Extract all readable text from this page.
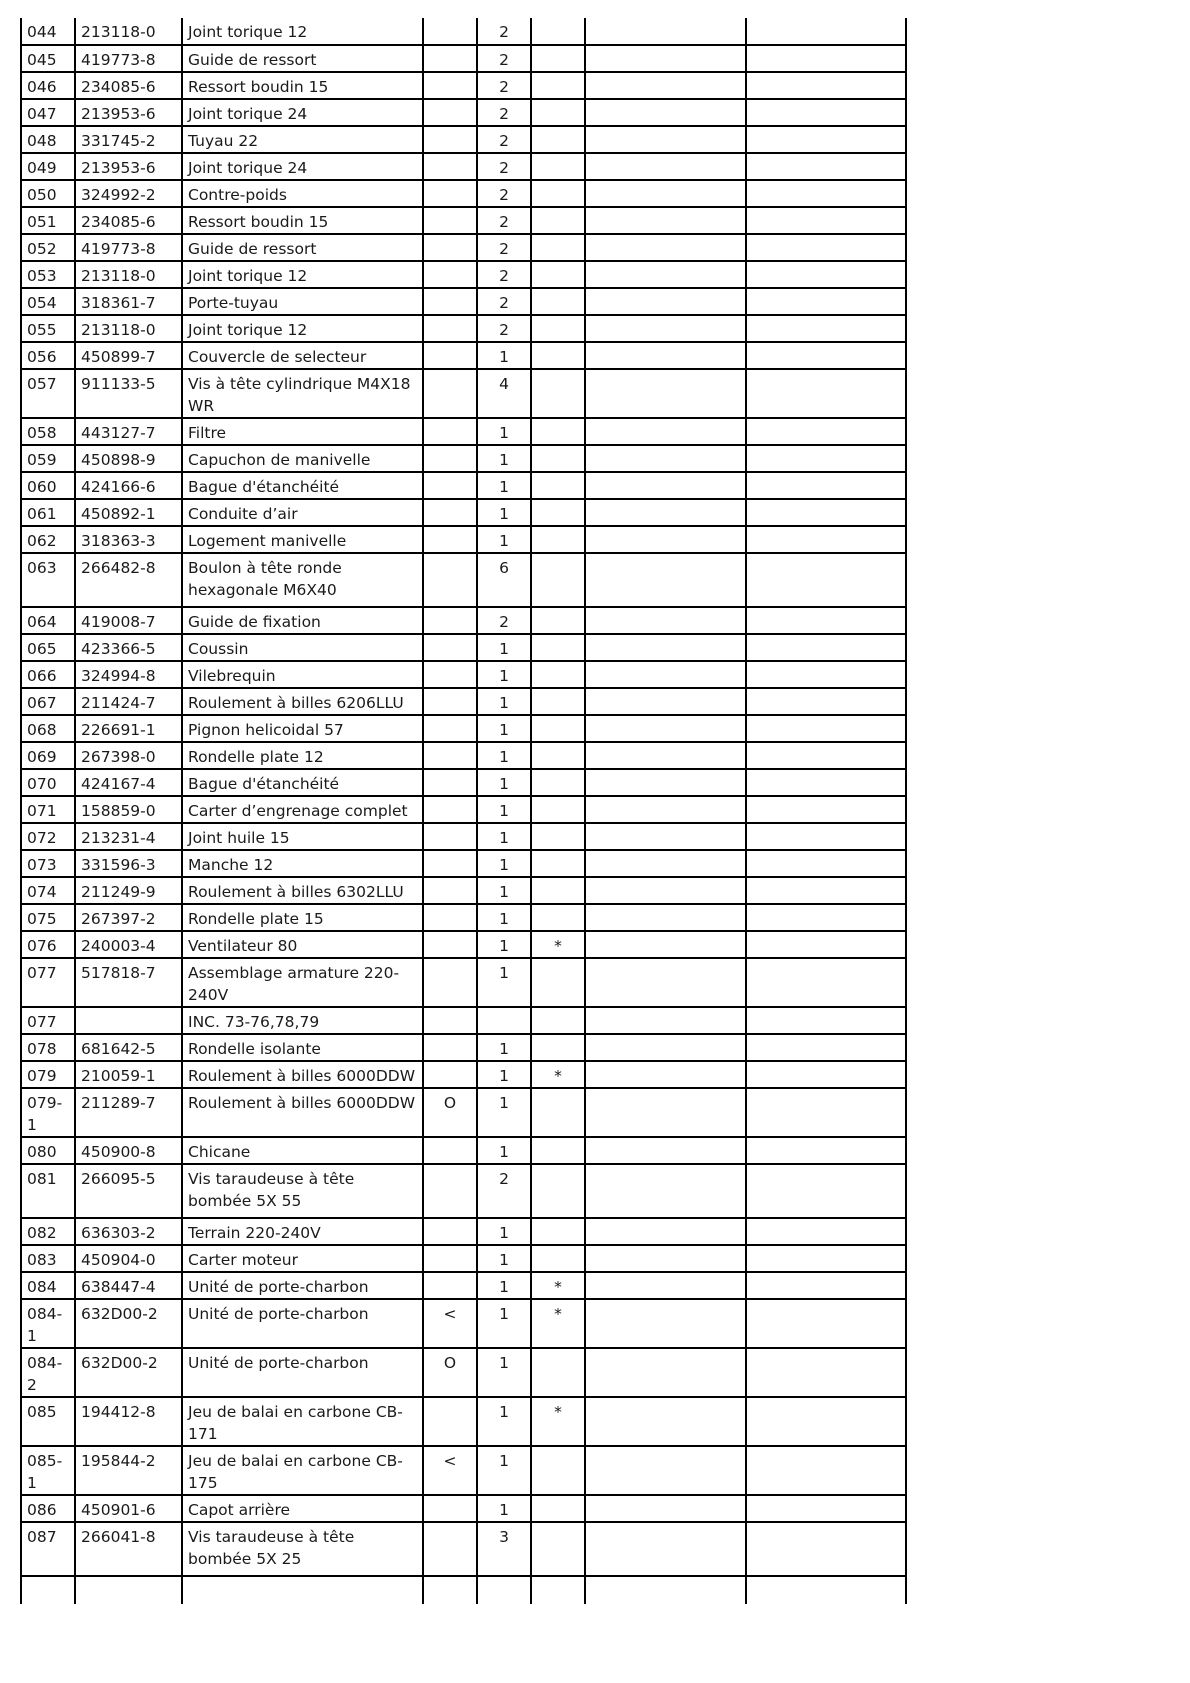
044	213118-0	Joint torique 12		2			
045	419773-8	Guide de ressort		2			
046	234085-6	Ressort boudin 15		2			
047	213953-6	Joint torique 24		2			
048	331745-2	Tuyau 22		2			
049	213953-6	Joint torique 24		2			
050	324992-2	Contre-poids		2			
051	234085-6	Ressort boudin 15		2			
052	419773-8	Guide de ressort		2			
053	213118-0	Joint torique 12		2			
054	318361-7	Porte-tuyau		2			
055	213118-0	Joint torique 12		2			
056	450899-7	Couvercle de selecteur		1			
057	911133-5	Vis à tête cylindrique M4X18 WR		4			
058	443127-7	Filtre		1			
059	450898-9	Capuchon de manivelle		1			
060	424166-6	Bague d'étanchéité		1			
061	450892-1	Conduite d’air		1			
062	318363-3	Logement manivelle		1			
063	266482-8	Boulon à tête ronde hexagonale M6X40		6			
064	419008-7	Guide de fixation		2			
065	423366-5	Coussin		1			
066	324994-8	Vilebrequin		1			
067	211424-7	Roulement à billes 6206LLU		1			
068	226691-1	Pignon helicoidal 57		1			
069	267398-0	Rondelle plate 12		1			
070	424167-4	Bague d'étanchéité		1			
071	158859-0	Carter d’engrenage complet		1			
072	213231-4	Joint huile 15		1			
073	331596-3	Manche 12		1			
074	211249-9	Roulement à billes 6302LLU		1			
075	267397-2	Rondelle plate 15		1			
076	240003-4	Ventilateur 80		1	*		
077	517818-7	Assemblage armature 220-240V		1			
077		INC. 73-76,78,79					
078	681642-5	Rondelle isolante		1			
079	210059-1	Roulement à billes 6000DDW		1	*		
079-1	211289-7	Roulement à billes 6000DDW	O	1			
080	450900-8	Chicane		1			
081	266095-5	Vis taraudeuse à tête bombée 5X 55		2			
082	636303-2	Terrain 220-240V		1			
083	450904-0	Carter moteur		1			
084	638447-4	Unité de porte-charbon		1	*		
084-1	632D00-2	Unité de porte-charbon	<	1	*		
084-2	632D00-2	Unité de porte-charbon	O	1			
085	194412-8	Jeu de balai en carbone CB-171		1	*		
085-1	195844-2	Jeu de balai en carbone CB-175	<	1			
086	450901-6	Capot arrière		1			
087	266041-8	Vis taraudeuse à tête bombée 5X 25		3			
